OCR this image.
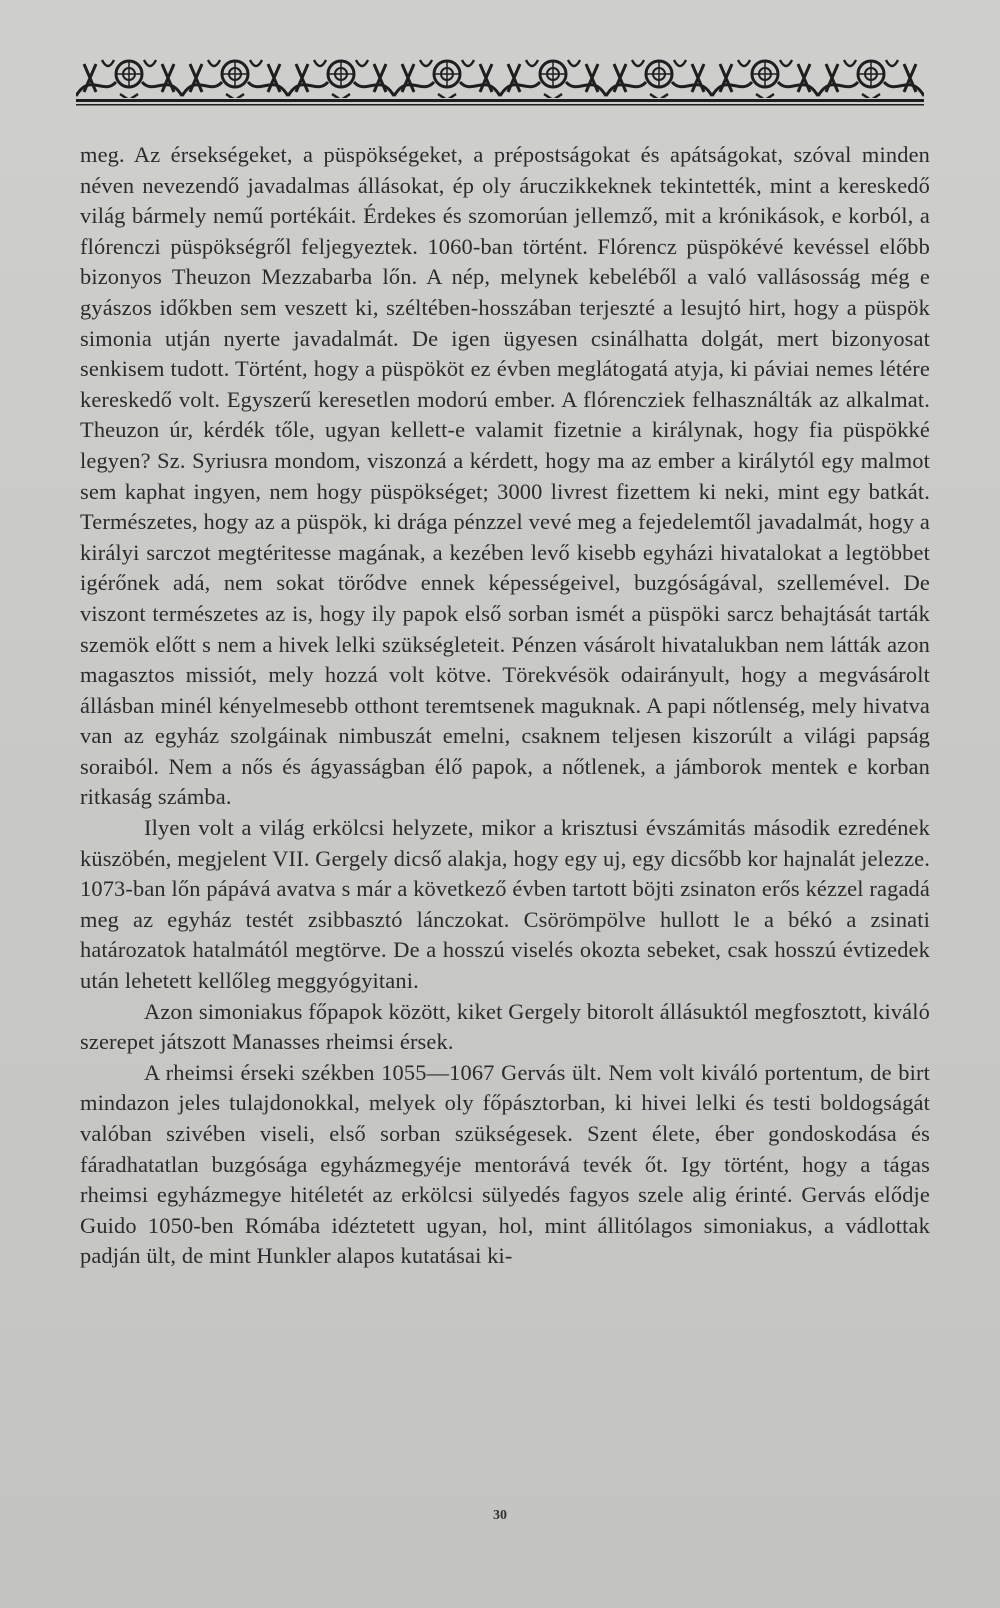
meg. Az érsekségeket, a püspökségeket, a prépostságokat és apátságokat, szóval minden néven nevezendő javadalmas állásokat, ép oly áruczikkeknek tekintették, mint a kereskedő világ bármely nemű portékáit. Érdekes és szomorúan jellemző, mit a krónikások, e korból, a flórenczi püspökségről feljegyeztek. 1060-ban történt. Flórencz püspökévé kevéssel előbb bizonyos Theuzon Mezzabarba lőn. A nép, melynek kebeléből a való vallásosság még e gyászos időkben sem veszett ki, széltében-hosszában terjeszté a lesujtó hirt, hogy a püspök simonia utján nyerte javadalmát. De igen ügyesen csinálhatta dolgát, mert bizonyosat senkisem tudott. Történt, hogy a püspököt ez évben meglátogatá atyja, ki páviai nemes létére kereskedő volt. Egyszerű keresetlen modorú ember. A flórencziek felhasználták az alkalmat. Theuzon úr, kérdék tőle, ugyan kellett-e valamit fizetnie a királynak, hogy fia püspökké legyen? Sz. Syriusra mondom, viszonzá a kérdett, hogy ma az ember a királytól egy malmot sem kaphat ingyen, nem hogy püspökséget; 3000 livrest fizettem ki neki, mint egy batkát. Természetes, hogy az a püspök, ki drága pénzzel vevé meg a fejedelemtől javadalmát, hogy a királyi sarczot megtéritesse magának, a kezében levő kisebb egyházi hivatalokat a legtöbbet igérőnek adá, nem sokat törődve ennek képességeivel, buzgóságával, szellemével. De viszont természetes az is, hogy ily papok első sorban ismét a püspöki sarcz behajtását tarták szemök előtt s nem a hivek lelki szükségleteit. Pénzen vásárolt hivatalukban nem látták azon magasztos missiót, mely hozzá volt kötve. Törekvésök odairányult, hogy a megvásárolt állásban minél kényelmesebb otthont teremtsenek maguknak. A papi nőtlenség, mely hivatva van az egyház szolgáinak nimbuszát emelni, csaknem teljesen kiszorúlt a világi papság soraiból. Nem a nős és ágyasságban élő papok, a nőtlenek, a jámborok mentek e korban ritkaság számba.

Ilyen volt a világ erkölcsi helyzete, mikor a krisztusi évszámitás második ezredének küszöbén, megjelent VII. Gergely dicső alakja, hogy egy uj, egy dicsőbb kor hajnalát jelezze. 1073-ban lőn pápává avatva s már a következő évben tartott böjti zsinaton erős kézzel ragadá meg az egyház testét zsibbasztó lánczokat. Csörömpölve hullott le a békó a zsinati határozatok hatalmától megtörve. De a hosszú viselés okozta sebeket, csak hosszú évtizedek után lehetett kellőleg meggyógyitani.

Azon simoniakus főpapok között, kiket Gergely bitorolt állásuktól megfosztott, kiváló szerepet játszott Manasses rheimsi érsek.

A rheimsi érseki székben 1055—1067 Gervás ült. Nem volt kiváló portentum, de birt mindazon jeles tulajdonokkal, melyek oly főpásztorban, ki hivei lelki és testi boldogságát valóban szivében viseli, első sorban szükségesek. Szent élete, éber gondoskodása és fáradhatatlan buzgósága egyházmegyéje mentorává tevék őt. Igy történt, hogy a tágas rheimsi egyházmegye hitéletét az erkölcsi sülyedés fagyos szele alig érinté. Gervás elődje Guido 1050-ben Rómába idéztetett ugyan, hol, mint állitólagos simoniakus, a vádlottak padján ült, de mint Hunkler alapos kutatásai ki-

30
